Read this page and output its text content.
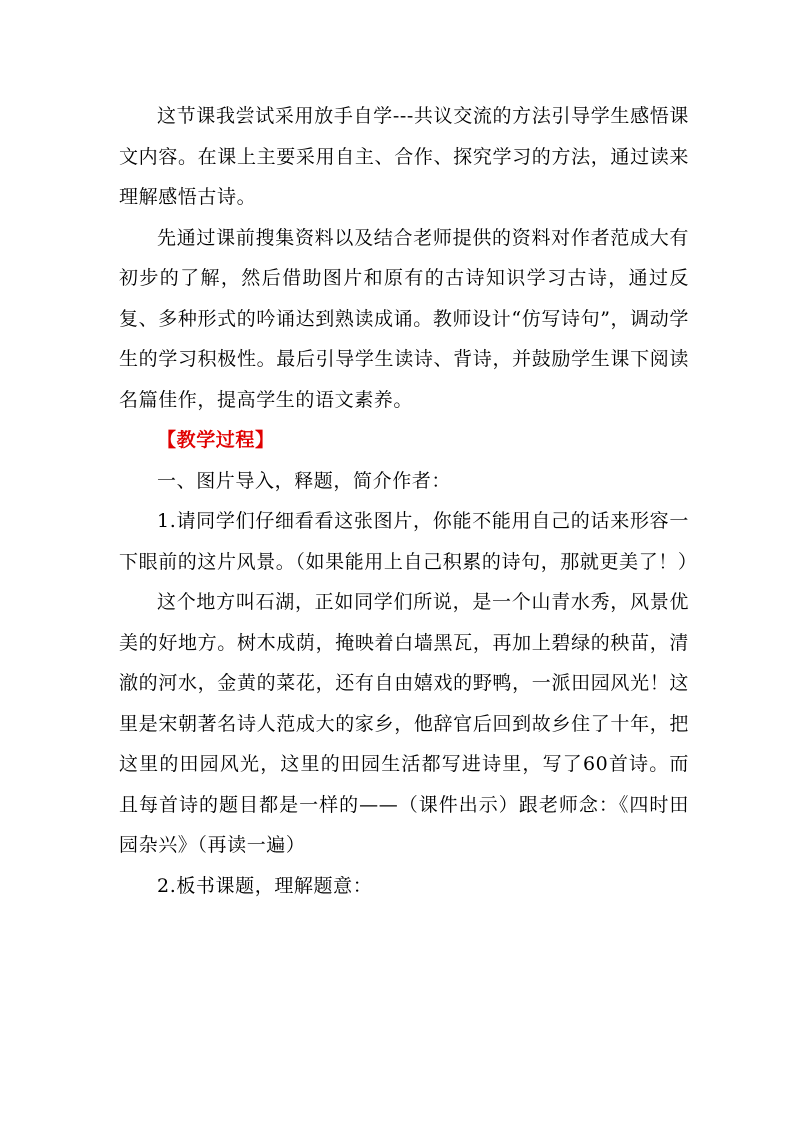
这节课我尝试采用放手自学---共议交流的方法引导学生感悟课文内容。在课上主要采用自主、合作、探究学习的方法，通过读来理解感悟古诗。

先通过课前搜集资料以及结合老师提供的资料对作者范成大有初步的了解，然后借助图片和原有的古诗知识学习古诗，通过反复、多种形式的吟诵达到熟读成诵。教师设计“仿写诗句”，调动学生的学习积极性。最后引导学生读诗、背诗，并鼓励学生课下阅读名篇佳作，提高学生的语文素养。

【教学过程】

一、图片导入，释题，简介作者：

1.请同学们仔细看看这张图片，你能不能用自己的话来形容一下眼前的这片风景。（如果能用上自己积累的诗句，那就更美了！）

这个地方叫石湖，正如同学们所说，是一个山青水秀，风景优美的好地方。树木成荫，掩映着白墙黑瓦，再加上碧绿的秧苗，清澈的河水，金黄的菜花，还有自由嬉戏的野鸭，一派田园风光！这里是宋朝著名诗人范成大的家乡，他辞官后回到故乡住了十年，把这里的田园风光，这里的田园生活都写进诗里，写了60首诗。而且每首诗的题目都是一样的——（课件出示）跟老师念：《四时田园杂兴》（再读一遍）

2.板书课题，理解题意：
